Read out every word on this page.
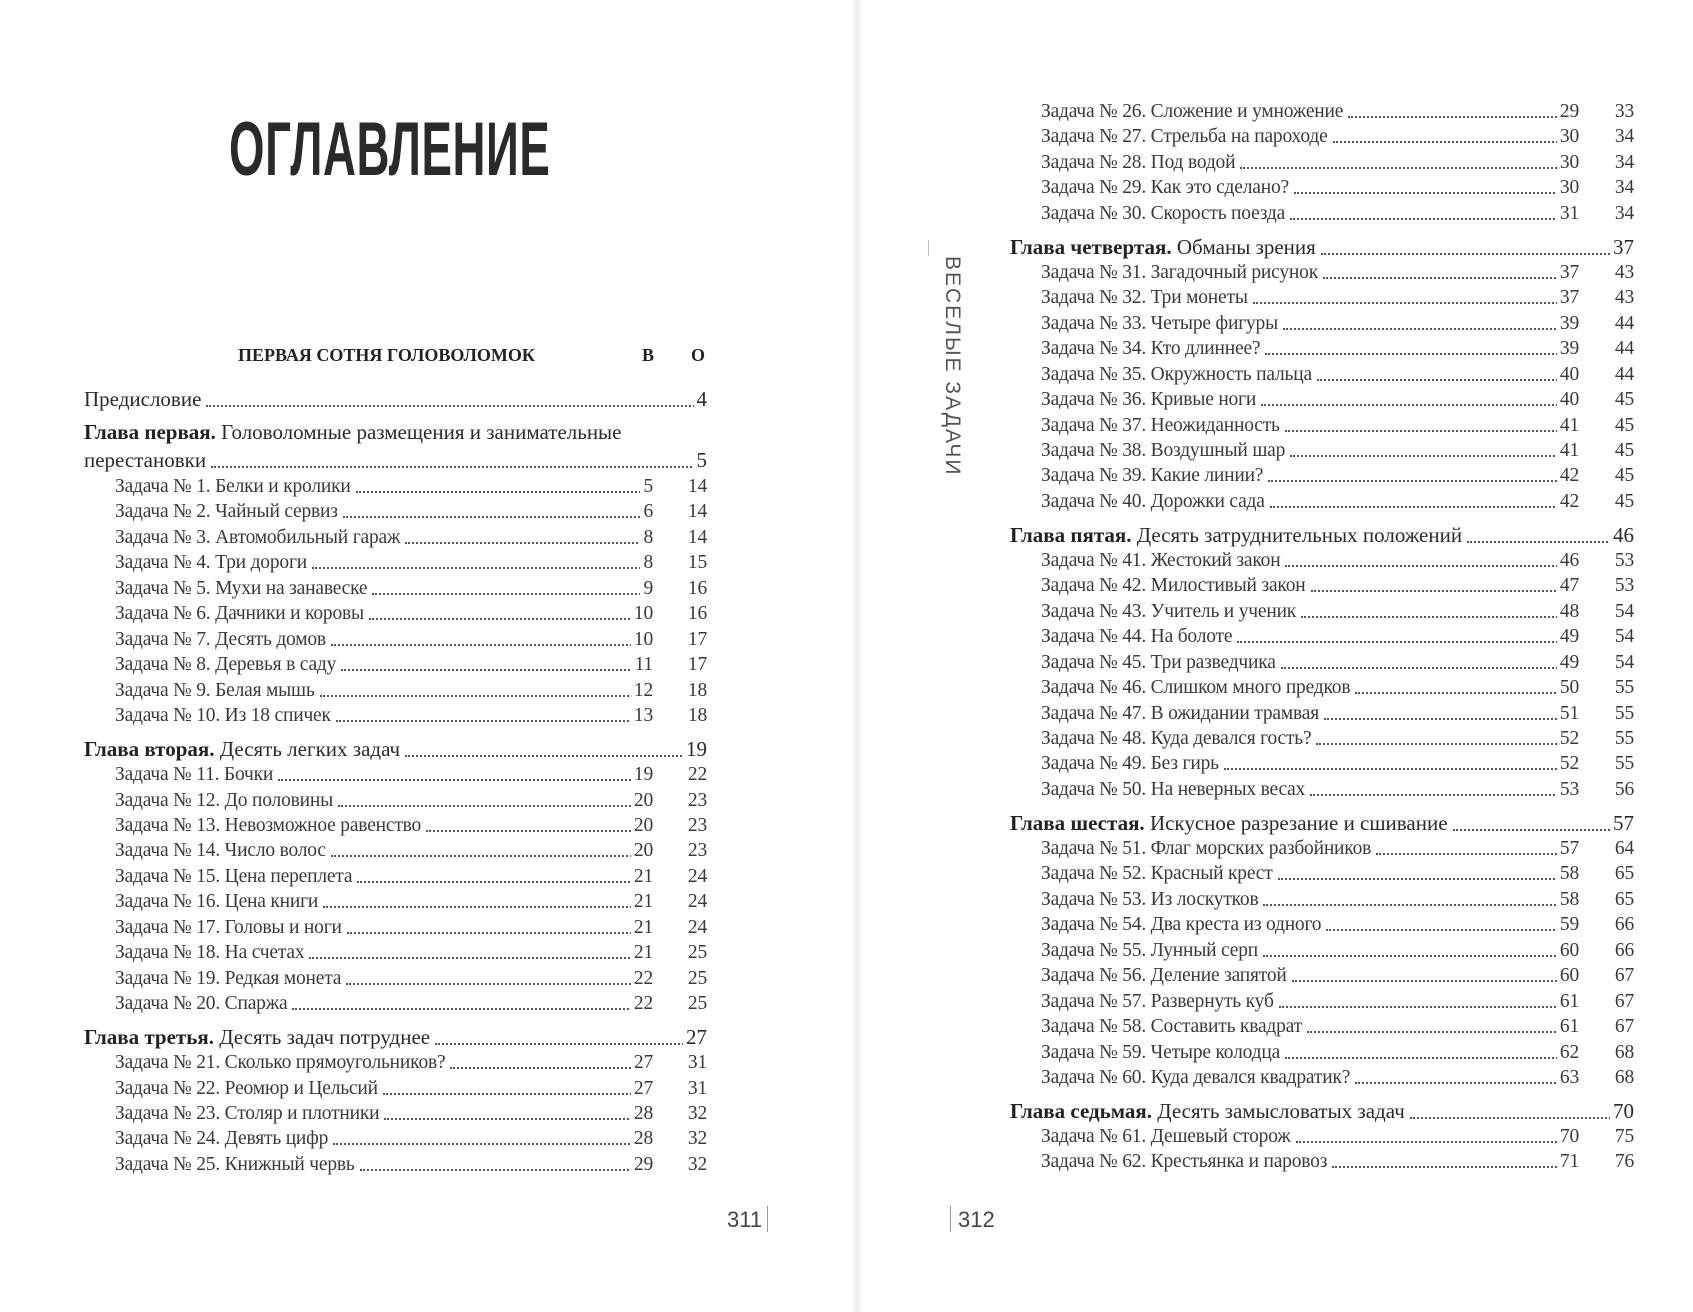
ОГЛАВЛЕНИЕ
ПЕРВАЯ СОТНЯ ГОЛОВОЛОМОК	В О
Предисловие	4
Глава первая. Головоломные размещения и занимательные перестановки	5
Задача № 1. Белки и кролики	5 14
Задача № 2. Чайный сервиз	6 14
Задача № 3. Автомобильный гараж	8 14
Задача № 4. Три дороги	8 15
Задача № 5. Мухи на занавеске	9 16
Задача № 6. Дачники и коровы	10 16
Задача № 7. Десять домов	10 17
Задача № 8. Деревья в саду	11 17
Задача № 9. Белая мышь	12 18
Задача № 10. Из 18 спичек	13 18
Глава вторая. Десять легких задач	19
Задача № 11. Бочки	19 22
Задача № 12. До половины	20 23
Задача № 13. Невозможное равенство	20 23
Задача № 14. Число волос	20 23
Задача № 15. Цена переплета	21 24
Задача № 16. Цена книги	21 24
Задача № 17. Головы и ноги	21 24
Задача № 18. На счетах	21 25
Задача № 19. Редкая монета	22 25
Задача № 20. Спаржа	22 25
Глава третья. Десять задач потруднее	27
Задача № 21. Сколько прямоугольников?	27 31
Задача № 22. Реомюр и Цельсий	27 31
Задача № 23. Столяр и плотники	28 32
Задача № 24. Девять цифр	28 32
Задача № 25. Книжный червь	29 32
311
ВЕСЕЛЫЕ ЗАДАЧИ
Задача № 26. Сложение и умножение	29 33
Задача № 27. Стрельба на пароходе	30 34
Задача № 28. Под водой	30 34
Задача № 29. Как это сделано?	30 34
Задача № 30. Скорость поезда	31 34
Глава четвертая. Обманы зрения	37
Задача № 31. Загадочный рисунок	37 43
Задача № 32. Три монеты	37 43
Задача № 33. Четыре фигуры	39 44
Задача № 34. Кто длиннее?	39 44
Задача № 35. Окружность пальца	40 44
Задача № 36. Кривые ноги	40 45
Задача № 37. Неожиданность	41 45
Задача № 38. Воздушный шар	41 45
Задача № 39. Какие линии?	42 45
Задача № 40. Дорожки сада	42 45
Глава пятая. Десять затруднительных положений	46
Задача № 41. Жестокий закон	46 53
Задача № 42. Милостивый закон	47 53
Задача № 43. Учитель и ученик	48 54
Задача № 44. На болоте	49 54
Задача № 45. Три разведчика	49 54
Задача № 46. Слишком много предков	50 55
Задача № 47. В ожидании трамвая	51 55
Задача № 48. Куда девался гость?	52 55
Задача № 49. Без гирь	52 55
Задача № 50. На неверных весах	53 56
Глава шестая. Искусное разрезание и сшивание	57
Задача № 51. Флаг морских разбойников	57 64
Задача № 52. Красный крест	58 65
Задача № 53. Из лоскутков	58 65
Задача № 54. Два креста из одного	59 66
Задача № 55. Лунный серп	60 66
Задача № 56. Деление запятой	60 67
Задача № 57. Развернуть куб	61 67
Задача № 58. Составить квадрат	61 67
Задача № 59. Четыре колодца	62 68
Задача № 60. Куда девался квадратик?	63 68
Глава седьмая. Десять замысловатых задач	70
Задача № 61. Дешевый сторож	70 75
Задача № 62. Крестьянка и паровоз	71 76
312
